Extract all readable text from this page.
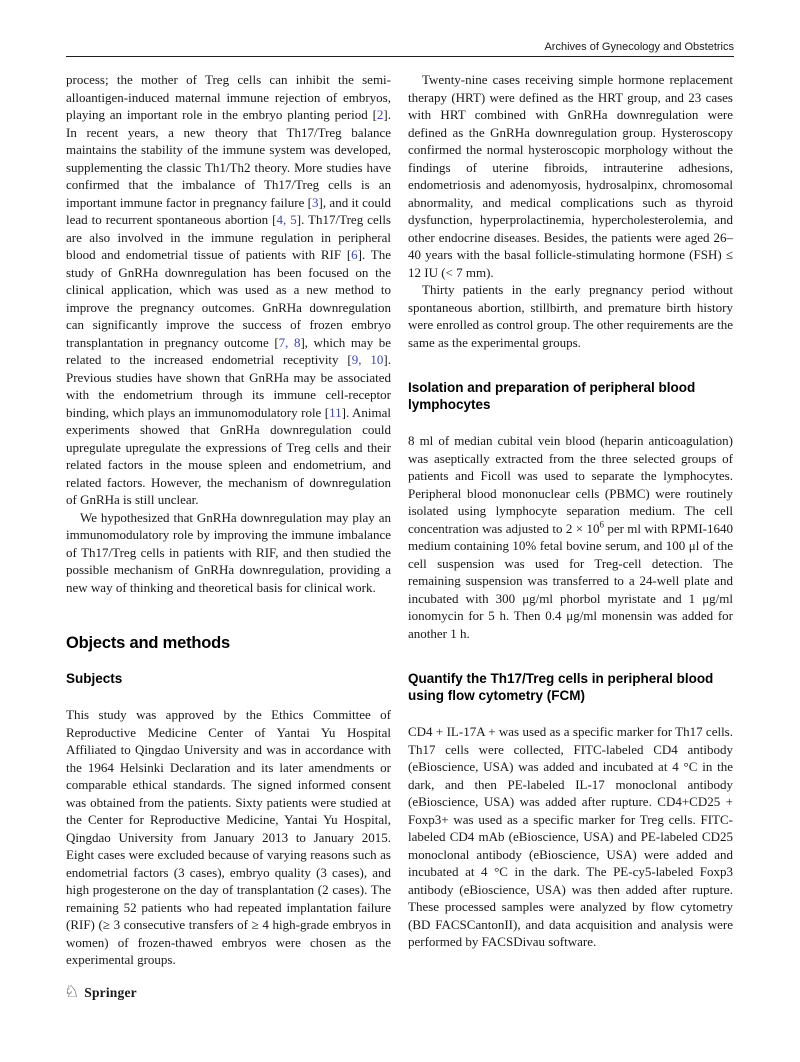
Archives of Gynecology and Obstetrics

process; the mother of Treg cells can inhibit the semi-alloantigen-induced maternal immune rejection of embryos, playing an important role in the embryo planting period [2]. In recent years, a new theory that Th17/Treg balance maintains the stability of the immune system was developed, supplementing the classic Th1/Th2 theory. More studies have confirmed that the imbalance of Th17/Treg cells is an important immune factor in pregnancy failure [3], and it could lead to recurrent spontaneous abortion [4, 5]. Th17/Treg cells are also involved in the immune regulation in peripheral blood and endometrial tissue of patients with RIF [6]. The study of GnRHa downregulation has been focused on the clinical application, which was used as a new method to improve the pregnancy outcomes. GnRHa downregulation can significantly improve the success of frozen embryo transplantation in pregnancy outcome [7, 8], which may be related to the increased endometrial receptivity [9, 10]. Previous studies have shown that GnRHa may be associated with the endometrium through its immune cell-receptor binding, which plays an immunomodulatory role [11]. Animal experiments showed that GnRHa downregulation could upregulate upregulate the expressions of Treg cells and their related factors in the mouse spleen and endometrium, and related factors. However, the mechanism of downregulation of GnRHa is still unclear.

We hypothesized that GnRHa downregulation may play an immunomodulatory role by improving the immune imbalance of Th17/Treg cells in patients with RIF, and then studied the possible mechanism of GnRHa downregulation, providing a new way of thinking and theoretical basis for clinical work.

Objects and methods
Subjects

This study was approved by the Ethics Committee of Reproductive Medicine Center of Yantai Yu Hospital Affiliated to Qingdao University and was in accordance with the 1964 Helsinki Declaration and its later amendments or comparable ethical standards. The signed informed consent was obtained from the patients. Sixty patients were studied at the Center for Reproductive Medicine, Yantai Yu Hospital, Qingdao University from January 2013 to January 2015. Eight cases were excluded because of varying reasons such as endometrial factors (3 cases), embryo quality (3 cases), and high progesterone on the day of transplantation (2 cases). The remaining 52 patients who had repeated implantation failure (RIF) (≥ 3 consecutive transfers of ≥ 4 high-grade embryos in women) of frozen-thawed embryos were chosen as the experimental groups.

Twenty-nine cases receiving simple hormone replacement therapy (HRT) were defined as the HRT group, and 23 cases with HRT combined with GnRHa downregulation were defined as the GnRHa downregulation group. Hysteroscopy confirmed the normal hysteroscopic morphology without the findings of uterine fibroids, intrauterine adhesions, endometriosis and adenomyosis, hydrosalpinx, chromosomal abnormality, and medical complications such as thyroid dysfunction, hyperprolactinemia, hypercholesterolemia, and other endocrine diseases. Besides, the patients were aged 26–40 years with the basal follicle-stimulating hormone (FSH) ≤ 12 IU (< 7 mm).

Thirty patients in the early pregnancy period without spontaneous abortion, stillbirth, and premature birth history were enrolled as control group. The other requirements are the same as the experimental groups.

Isolation and preparation of peripheral blood lymphocytes

8 ml of median cubital vein blood (heparin anticoagulation) was aseptically extracted from the three selected groups of patients and Ficoll was used to separate the lymphocytes. Peripheral blood mononuclear cells (PBMC) were routinely isolated using lymphocyte separation medium. The cell concentration was adjusted to $2 \times 10^6$ per ml with RPMI-1640 medium containing 10% fetal bovine serum, and 100 μl of the cell suspension was used for Treg-cell detection. The remaining suspension was transferred to a 24-well plate and incubated with 300 μg/ml phorbol myristate and 1 μg/ml ionomycin for 5 h. Then 0.4 μg/ml monensin was added for another 1 h.

Quantify the Th17/Treg cells in peripheral blood using flow cytometry (FCM)

CD4 + IL-17A + was used as a specific marker for Th17 cells. Th17 cells were collected, FITC-labeled CD4 antibody (eBioscience, USA) was added and incubated at 4 °C in the dark, and then PE-labeled IL-17 monoclonal antibody (eBioscience, USA) was added after rupture. CD4+CD25 + Foxp3+ was used as a specific marker for Treg cells. FITC-labeled CD4 mAb (eBioscience, USA) and PE-labeled CD25 monoclonal antibody (eBioscience, USA) were added and incubated at 4 °C in the dark. The PE-cy5-labeled Foxp3 antibody (eBioscience, USA) was then added after rupture. These processed samples were analyzed by flow cytometry (BD FACSCantonII), and data acquisition and analysis were performed by FACSDivau software.

♘ Springer
